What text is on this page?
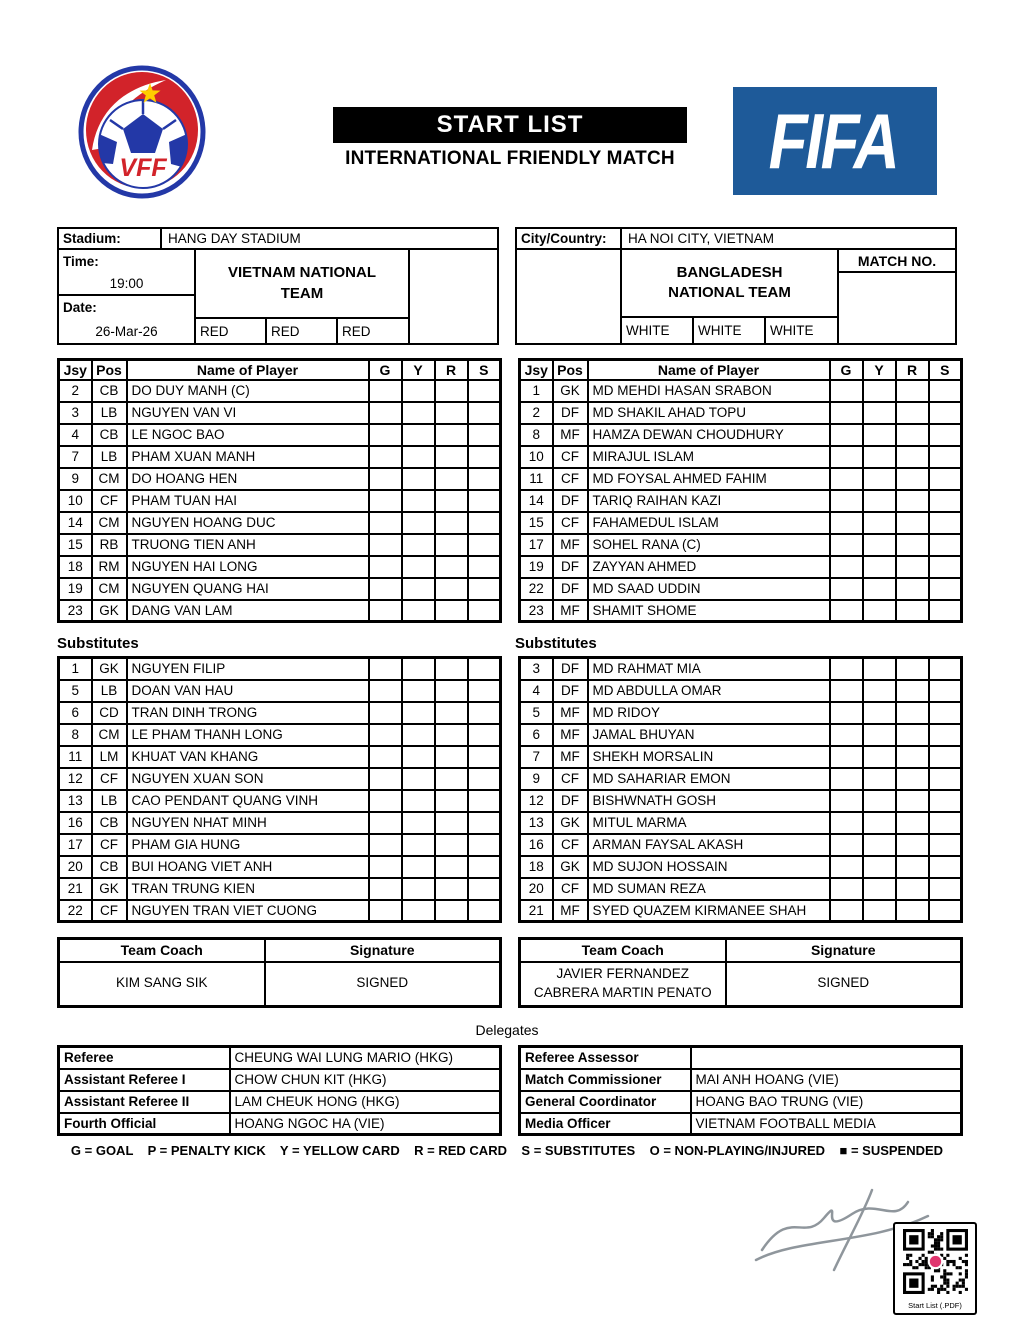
VFF
START LIST
INTERNATIONAL FRIENDLY MATCH	FIFA
Stadium:	HANG DAY STADIUM
Time:
19:00
Date:
26-Mar-26
VIETNAM NATIONAL TEAM
RED	RED	RED
City/Country:	HA NOI CITY, VIETNAM
BANGLADESH NATIONAL TEAM
WHITE	WHITE	WHITE
MATCH NO.
Jsy	Pos	Name of Player	G	Y	R	S
2	CB	DO DUY MANH (C)				
3	LB	NGUYEN VAN VI				
4	CB	LE NGOC BAO				
7	LB	PHAM XUAN MANH				
9	CM	DO HOANG HEN				
10	CF	PHAM TUAN HAI				
14	CM	NGUYEN HOANG DUC				
15	RB	TRUONG TIEN ANH				
18	RM	NGUYEN HAI LONG				
19	CM	NGUYEN QUANG HAI				
23	GK	DANG VAN LAM				
Jsy	Pos	Name of Player	G	Y	R	S
1	GK	MD MEHDI HASAN SRABON				
2	DF	MD SHAKIL AHAD TOPU				
8	MF	HAMZA DEWAN CHOUDHURY				
10	CF	MIRAJUL ISLAM				
11	CF	MD FOYSAL AHMED FAHIM				
14	DF	TARIQ RAIHAN KAZI				
15	CF	FAHAMEDUL ISLAM				
17	MF	SOHEL RANA (C)				
19	DF	ZAYYAN AHMED				
22	DF	MD SAAD UDDIN				
23	MF	SHAMIT SHOME				
Substitutes	Substitutes
1	GK	NGUYEN FILIP				
5	LB	DOAN VAN HAU				
6	CD	TRAN DINH TRONG				
8	CM	LE PHAM THANH LONG				
11	LM	KHUAT VAN KHANG				
12	CF	NGUYEN XUAN SON				
13	LB	CAO PENDANT QUANG VINH				
16	CB	NGUYEN NHAT MINH				
17	CF	PHAM GIA HUNG				
20	CB	BUI HOANG VIET ANH				
21	GK	TRAN TRUNG KIEN				
22	CF	NGUYEN TRAN VIET CUONG				
3	DF	MD RAHMAT MIA				
4	DF	MD ABDULLA OMAR				
5	MF	MD RIDOY				
6	MF	JAMAL BHUYAN				
7	MF	SHEKH MORSALIN				
9	CF	MD SAHARIAR EMON				
12	DF	BISHWNATH GOSH				
13	GK	MITUL MARMA				
16	CF	ARMAN FAYSAL AKASH				
18	GK	MD SUJON HOSSAIN				
20	CF	MD SUMAN REZA				
21	MF	SYED QUAZEM KIRMANEE SHAH				
Team Coach	Signature
KIM SANG SIK	SIGNED
Team Coach	Signature
JAVIER FERNANDEZ CABRERA MARTIN PENATO	SIGNED
Delegates
Referee	CHEUNG WAI LUNG MARIO (HKG)
Assistant Referee I	CHOW CHUN KIT (HKG)
Assistant Referee II	LAM CHEUK HONG (HKG)
Fourth Official	HOANG NGOC HA (VIE)
Referee Assessor	
Match Commissioner	MAI ANH HOANG (VIE)
General Coordinator	HOANG BAO TRUNG (VIE)
Media Officer	VIETNAM FOOTBALL MEDIA
G = GOAL    P = PENALTY KICK    Y = YELLOW CARD    R = RED CARD    S = SUBSTITUTES    O = NON-PLAYING/INJURED    ■ = SUSPENDED
Start List (.PDF)
